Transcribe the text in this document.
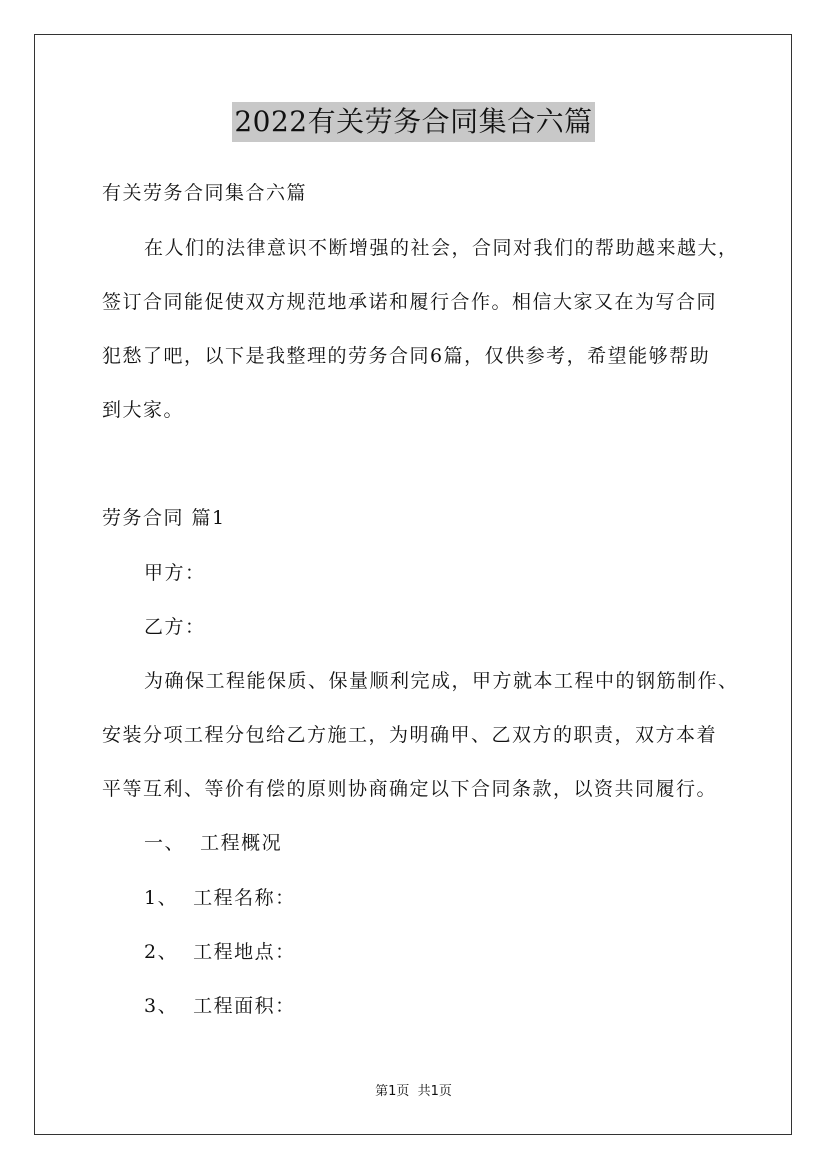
2022有关劳务合同集合六篇
有关劳务合同集合六篇
在人们的法律意识不断增强的社会，合同对我们的帮助越来越大，
签订合同能促使双方规范地承诺和履行合作。相信大家又在为写合同
犯愁了吧，以下是我整理的劳务合同6篇，仅供参考，希望能够帮助
到大家。
劳务合同 篇1
甲方：
乙方：
为确保工程能保质、保量顺利完成，甲方就本工程中的钢筋制作、
安装分项工程分包给乙方施工，为明确甲、乙双方的职责，双方本着
平等互利、等价有偿的原则协商确定以下合同条款，以资共同履行。
一、  工程概况
1、  工程名称：
2、  工程地点：
3、  工程面积：
第1页  共1页
